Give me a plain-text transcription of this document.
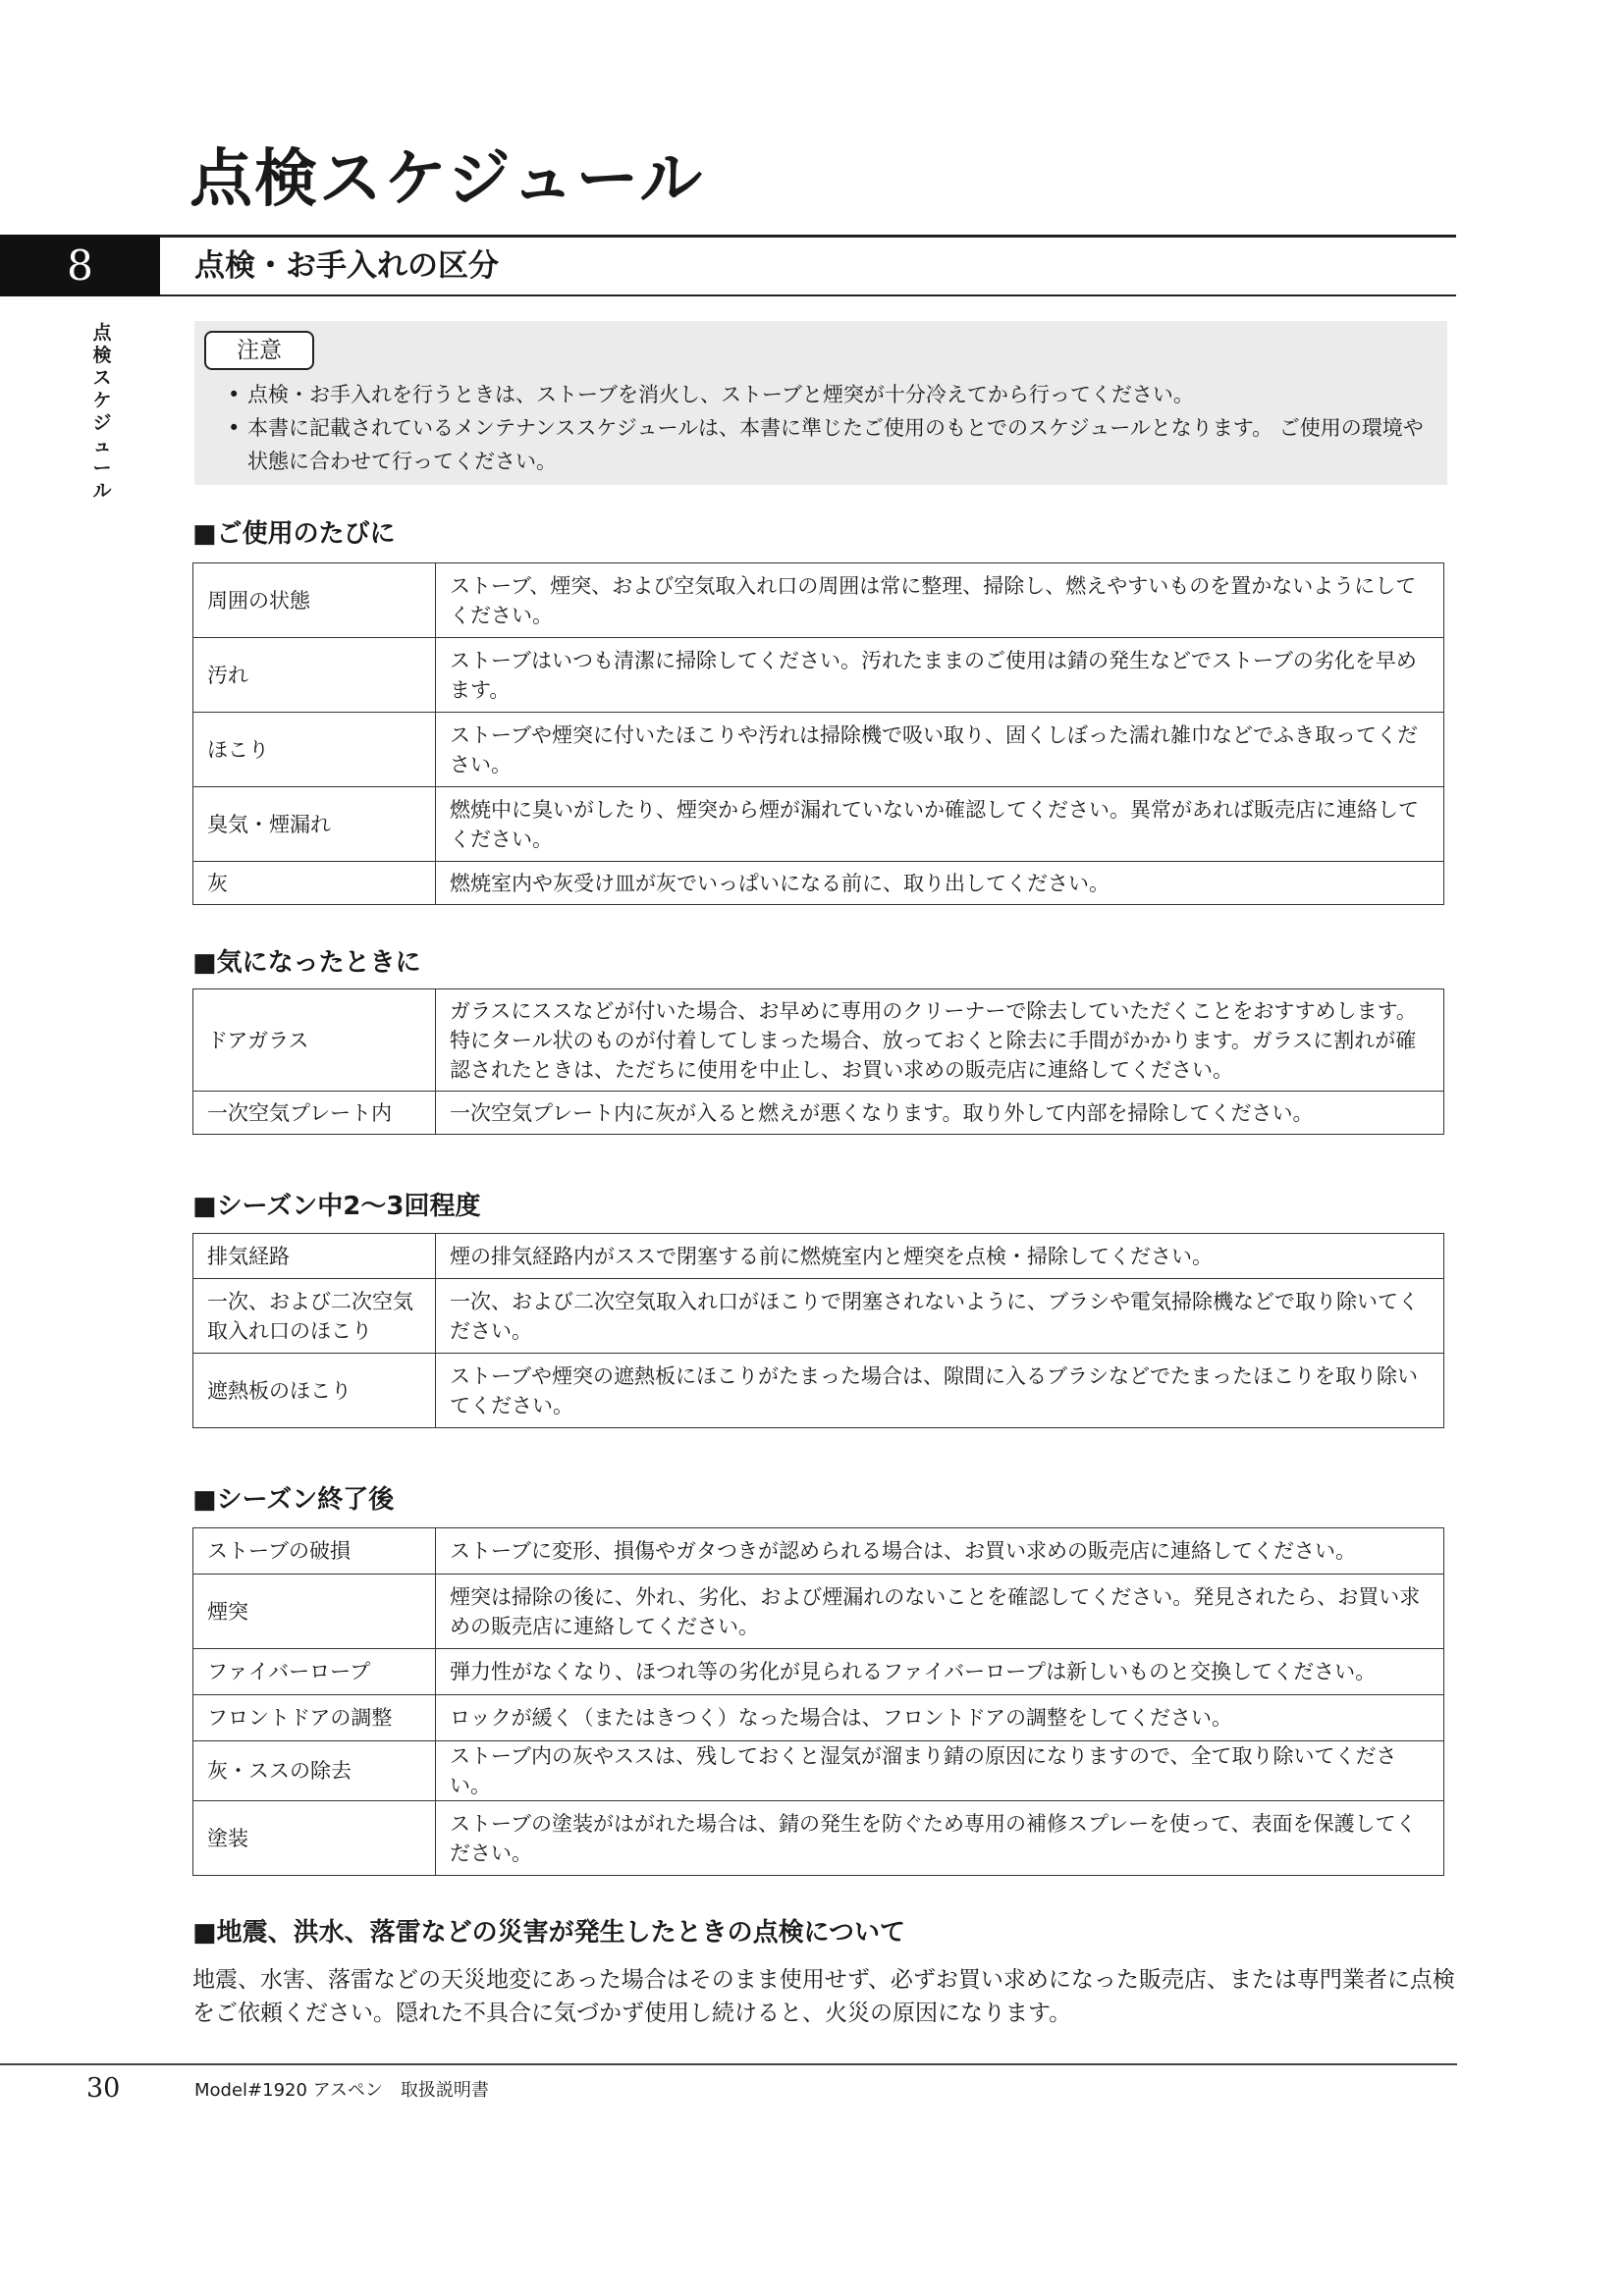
点検スケジュール
8	点検・お手入れの区分
点検スケジュール
注意
• 点検・お手入れを行うときは、ストーブを消火し、ストーブと煙突が十分冷えてから行ってください。
• 本書に記載されているメンテナンススケジュールは、本書に準じたご使用のもとでのスケジュールとなります。 ご使用の環境や状態に合わせて行ってください。
■ご使用のたびに
周囲の状態	ストーブ、煙突、および空気取入れ口の周囲は常に整理、掃除し、燃えやすいものを置かないようにしてください。
汚れ	ストーブはいつも清潔に掃除してください。汚れたままのご使用は錆の発生などでストーブの劣化を早めます。
ほこり	ストーブや煙突に付いたほこりや汚れは掃除機で吸い取り、固くしぼった濡れ雑巾などでふき取ってください。
臭気・煙漏れ	燃焼中に臭いがしたり、煙突から煙が漏れていないか確認してください。異常があれば販売店に連絡してください。
灰	燃焼室内や灰受け皿が灰でいっぱいになる前に、取り出してください。
■気になったときに
ドアガラス	ガラスにススなどが付いた場合、お早めに専用のクリーナーで除去していただくことをおすすめします。特にタール状のものが付着してしまった場合、放っておくと除去に手間がかかります。ガラスに割れが確認されたときは、ただちに使用を中止し、お買い求めの販売店に連絡してください。
一次空気プレート内	一次空気プレート内に灰が入ると燃えが悪くなります。取り外して内部を掃除してください。
■シーズン中2～3回程度
排気経路	煙の排気経路内がススで閉塞する前に燃焼室内と煙突を点検・掃除してください。
一次、および二次空気取入れ口のほこり	一次、および二次空気取入れ口がほこりで閉塞されないように、ブラシや電気掃除機などで取り除いてください。
遮熱板のほこり	ストーブや煙突の遮熱板にほこりがたまった場合は、隙間に入るブラシなどでたまったほこりを取り除いてください。
■シーズン終了後
ストーブの破損	ストーブに変形、損傷やガタつきが認められる場合は、お買い求めの販売店に連絡してください。
煙突	煙突は掃除の後に、外れ、劣化、および煙漏れのないことを確認してください。発見されたら、お買い求めの販売店に連絡してください。
ファイバーロープ	弾力性がなくなり、ほつれ等の劣化が見られるファイバーロープは新しいものと交換してください。
フロントドアの調整	ロックが緩く（またはきつく）なった場合は、フロントドアの調整をしてください。
灰・ススの除去	ストーブ内の灰やススは、残しておくと湿気が溜まり錆の原因になりますので、全て取り除いてください。
塗装	ストーブの塗装がはがれた場合は、錆の発生を防ぐため専用の補修スプレーを使って、表面を保護してください。
■地震、洪水、落雷などの災害が発生したときの点検について
地震、水害、落雷などの天災地変にあった場合はそのまま使用せず、必ずお買い求めになった販売店、または専門業者に点検をご依頼ください。隠れた不具合に気づかず使用し続けると、火災の原因になります。
30	Model#1920 アスペン　取扱説明書
